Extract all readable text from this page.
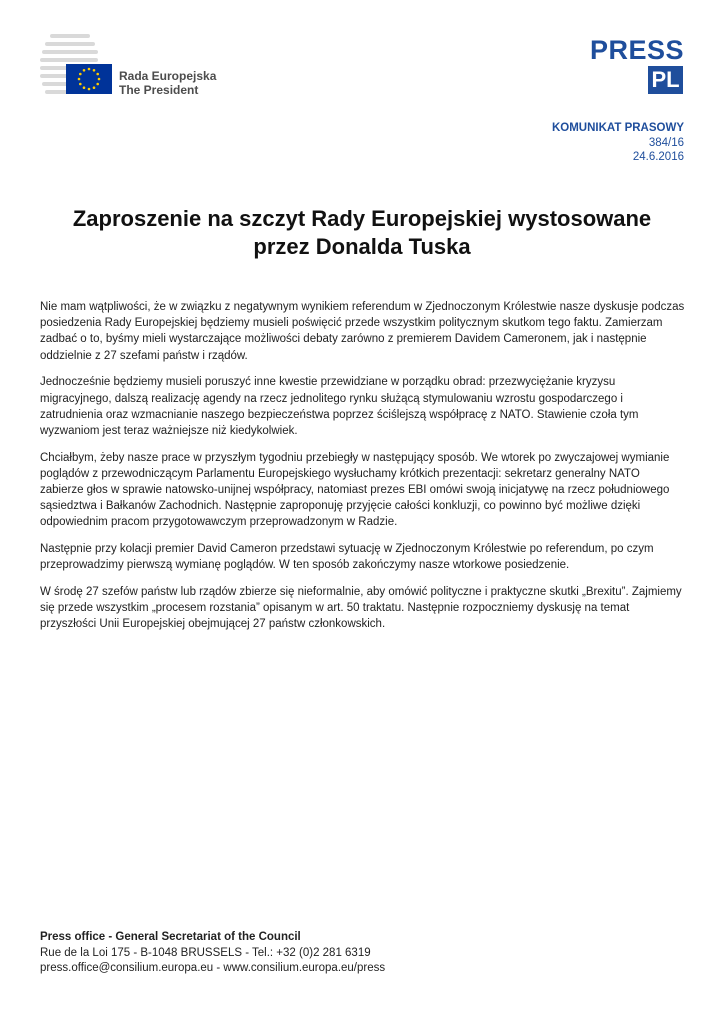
Rada Europejska
The President
PRESS
PL
KOMUNIKAT PRASOWY
384/16
24.6.2016
Zaproszenie na szczyt Rady Europejskiej wystosowane
przez Donalda Tuska

Nie mam wątpliwości, że w związku z negatywnym wynikiem referendum w Zjednoczonym Królestwie nasze dyskusje podczas posiedzenia Rady Europejskiej będziemy musieli poświęcić przede wszystkim politycznym skutkom tego faktu. Zamierzam zadbać o to, byśmy mieli wystarczające możliwości debaty zarówno z premierem Davidem Cameronem, jak i następnie oddzielnie z 27 szefami państw i rządów.

Jednocześnie będziemy musieli poruszyć inne kwestie przewidziane w porządku obrad: przezwyciężanie kryzysu migracyjnego, dalszą realizację agendy na rzecz jednolitego rynku służącą stymulowaniu wzrostu gospodarczego i zatrudnienia oraz wzmacnianie naszego bezpieczeństwa poprzez ściślejszą współpracę z NATO. Stawienie czoła tym wyzwaniom jest teraz ważniejsze niż kiedykolwiek.

Chciałbym, żeby nasze prace w przyszłym tygodniu przebiegły w następujący sposób. We wtorek po zwyczajowej wymianie poglądów z przewodniczącym Parlamentu Europejskiego wysłuchamy krótkich prezentacji: sekretarz generalny NATO zabierze głos w sprawie natowsko-unijnej współpracy, natomiast prezes EBI omówi swoją inicjatywę na rzecz południowego sąsiedztwa i Bałkanów Zachodnich. Następnie zaproponuję przyjęcie całości konkluzji, co powinno być możliwe dzięki odpowiednim pracom przygotowawczym przeprowadzonym w Radzie.

Następnie przy kolacji premier David Cameron przedstawi sytuację w Zjednoczonym Królestwie po referendum, po czym przeprowadzimy pierwszą wymianę poglądów. W ten sposób zakończymy nasze wtorkowe posiedzenie.

W środę 27 szefów państw lub rządów zbierze się nieformalnie, aby omówić polityczne i praktyczne skutki „Brexitu”. Zajmiemy się przede wszystkim „procesem rozstania” opisanym w art. 50 traktatu. Następnie rozpoczniemy dyskusję na temat przyszłości Unii Europejskiej obejmującej 27 państw członkowskich.

Press office - General Secretariat of the Council
Rue de la Loi 175 - B-1048 BRUSSELS - Tel.: +32 (0)2 281 6319
press.office@consilium.europa.eu - www.consilium.europa.eu/press
